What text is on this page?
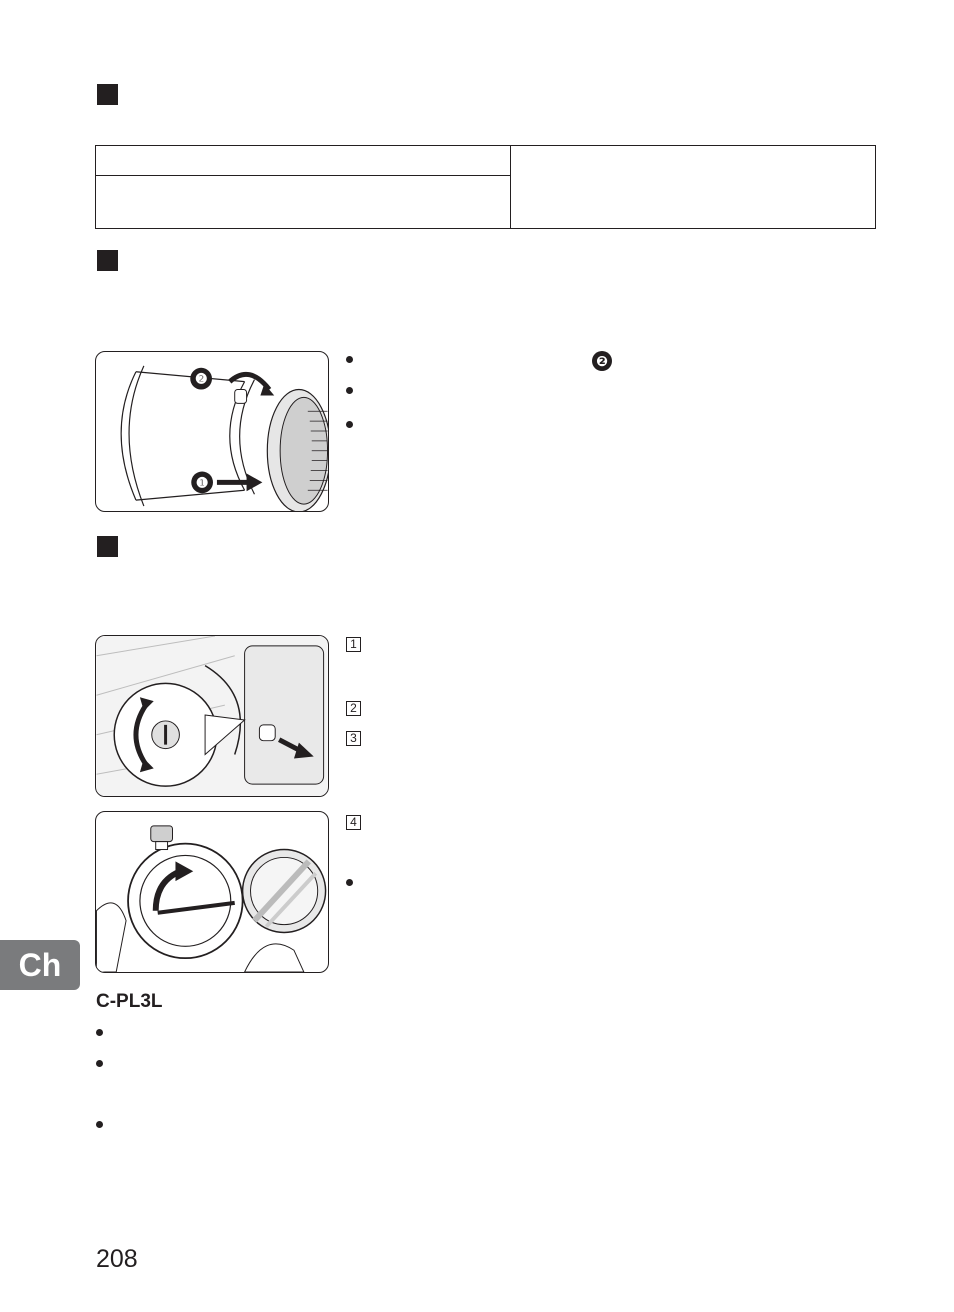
❷
❶
❷
1
2
3
4
Ch
C-PL3L
208
